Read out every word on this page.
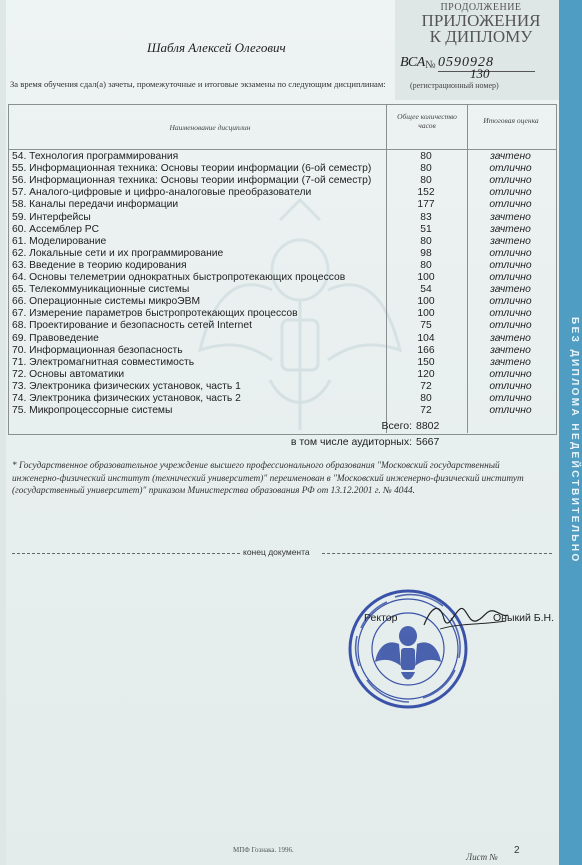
ПРОДОЛЖЕНИЕ
ПРИЛОЖЕНИЯ
К ДИПЛОМУ
Шабля Алексей Олегович
ВСА № 0590928
130
(регистрационный номер)
За время обучения сдал(а) зачеты, промежуточные и итоговые экзамены по следующим дисциплинам:
Наименование дисциплин
Общее количество часов	Итоговая оценка
54. Технология программирования	80	зачтено
55. Информационная техника: Основы теории информации (6-ой семестр)	80	отлично
56. Информационная техника: Основы теории информации (7-ой семестр)	80	отлично
57. Аналого-цифровые и цифро-аналоговые преобразователи	152	отлично
58. Каналы передачи информации	177	отлично
59. Интерфейсы	83	зачтено
60. Ассемблер PC	51	зачтено
61. Моделирование	80	зачтено
62. Локальные сети и их программирование	98	отлично
63. Введение в теорию кодирования	80	отлично
64. Основы телеметрии однократных быстропротекающих процессов	100	отлично
65. Телекоммуникационные системы	54	зачтено
66. Операционные системы микроЭВМ	100	отлично
67. Измерение параметров быстропротекающих процессов	100	отлично
68. Проектирование и безопасность сетей Internet	75	отлично
69. Правоведение	104	зачтено
70. Информационная безопасность	166	зачтено
71. Электромагнитная совместимость	150	зачтено
72. Основы автоматики	120	отлично
73. Электроника физических установок, часть 1	72	отлично
74. Электроника физических установок, часть 2	80	отлично
75. Микропроцессорные системы	72	отлично
Всего: 8802
в том числе аудиторных: 5667
* Государственное образовательное учреждение высшего профессионального образования "Московский государственный инженерно-физический институт (технический университет)" переименован в "Московский инженерно-физический институт (государственный университет)" приказом Министерства образования РФ от 13.12.2001 г. № 4044.
конец документа
Ректор	Оныкий Б.Н.
МПФ Гознака. 1996.
Лист №
2
БЕЗ ДИПЛОМА НЕДЕЙСТВИТЕЛЬНО
